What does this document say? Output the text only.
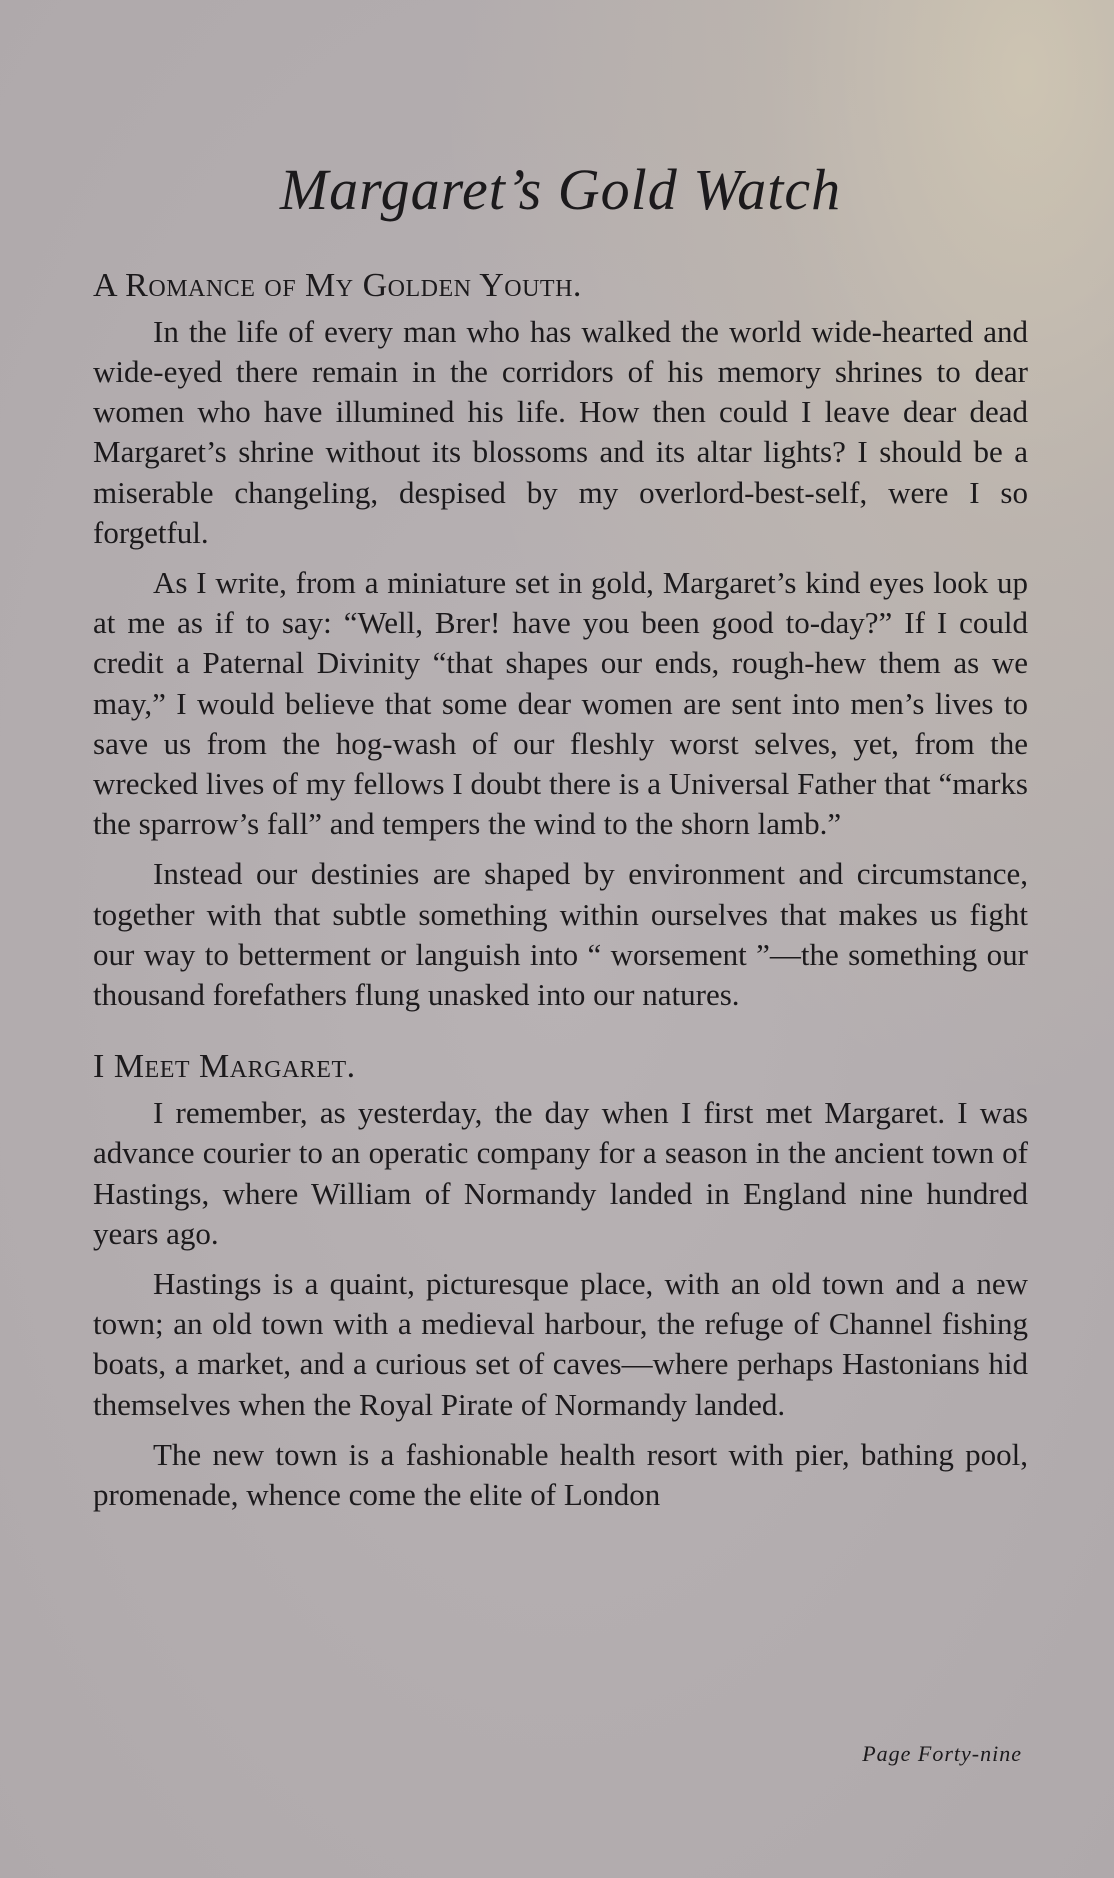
Margaret’s Gold Watch
A Romance of My Golden Youth.

In the life of every man who has walked the world wide-hearted and wide-eyed there remain in the corridors of his memory shrines to dear women who have illumined his life. How then could I leave dear dead Margaret’s shrine without its blossoms and its altar lights? I should be a miserable changeling, despised by my overlord-best-self, were I so forgetful.

As I write, from a miniature set in gold, Margaret’s kind eyes look up at me as if to say: “Well, Brer! have you been good to-day?” If I could credit a Paternal Divinity “that shapes our ends, rough-hew them as we may,” I would believe that some dear women are sent into men’s lives to save us from the hog-wash of our fleshly worst selves, yet, from the wrecked lives of my fellows I doubt there is a Universal Father that “marks the sparrow’s fall” and tempers the wind to the shorn lamb.”

Instead our destinies are shaped by environment and circumstance, together with that subtle something within ourselves that makes us fight our way to betterment or languish into “ worsement ”—the something our thousand forefathers flung unasked into our natures.

I Meet Margaret.

I remember, as yesterday, the day when I first met Margaret. I was advance courier to an operatic company for a season in the ancient town of Hastings, where William of Normandy landed in England nine hundred years ago.

Hastings is a quaint, picturesque place, with an old town and a new town; an old town with a medieval harbour, the refuge of Channel fishing boats, a market, and a curious set of caves—where perhaps Hastonians hid themselves when the Royal Pirate of Normandy landed.

The new town is a fashionable health resort with pier, bathing pool, promenade, whence come the elite of London

Page Forty-nine
